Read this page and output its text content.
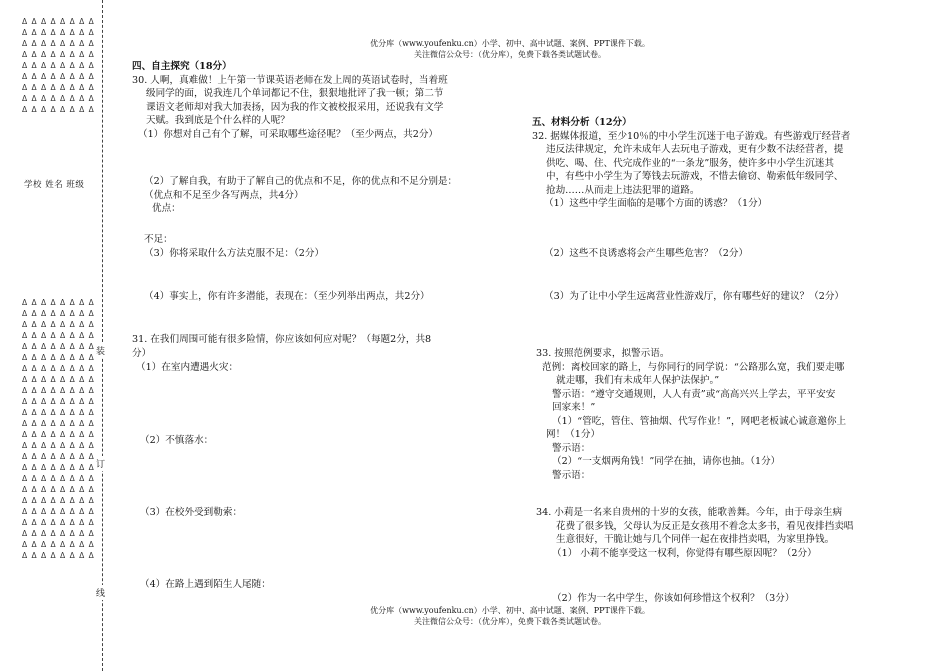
Δ Δ Δ Δ Δ Δ Δ Δ
Δ Δ Δ Δ Δ Δ Δ Δ
Δ Δ Δ Δ Δ Δ Δ Δ
Δ Δ Δ Δ Δ Δ Δ Δ
Δ Δ Δ Δ Δ Δ Δ Δ
Δ Δ Δ Δ Δ Δ Δ Δ
Δ Δ Δ Δ Δ Δ Δ Δ
Δ Δ Δ Δ Δ Δ Δ Δ
Δ Δ Δ Δ Δ Δ Δ Δ
学校 姓名 班级
Δ Δ Δ Δ Δ Δ Δ Δ
Δ Δ Δ Δ Δ Δ Δ Δ
Δ Δ Δ Δ Δ Δ Δ Δ
Δ Δ Δ Δ Δ Δ Δ Δ
Δ Δ Δ Δ Δ Δ Δ Δ
Δ Δ Δ Δ Δ Δ Δ Δ
Δ Δ Δ Δ Δ Δ Δ Δ
Δ Δ Δ Δ Δ Δ Δ Δ
Δ Δ Δ Δ Δ Δ Δ Δ
Δ Δ Δ Δ Δ Δ Δ Δ
Δ Δ Δ Δ Δ Δ Δ Δ
Δ Δ Δ Δ Δ Δ Δ Δ
Δ Δ Δ Δ Δ Δ Δ Δ
Δ Δ Δ Δ Δ Δ Δ Δ
Δ Δ Δ Δ Δ Δ Δ Δ
Δ Δ Δ Δ Δ Δ Δ Δ
Δ Δ Δ Δ Δ Δ Δ Δ
Δ Δ Δ Δ Δ Δ Δ Δ
Δ Δ Δ Δ Δ Δ Δ Δ
Δ Δ Δ Δ Δ Δ Δ Δ
Δ Δ Δ Δ Δ Δ Δ Δ
Δ Δ Δ Δ Δ Δ Δ Δ
Δ Δ Δ Δ Δ Δ Δ Δ
Δ Δ Δ Δ Δ Δ Δ Δ
装
订
线
优分库（www.youfenku.cn）小学、初中、高中试题、案例、PPT课件下载。
关注微信公众号：（优分库），免费下载各类试题试卷。
四、自主探究（18分）
30. 人啊，真难做！上午第一节课英语老师在发上周的英语试卷时，当着班
级同学的面，说我连几个单词都记不住，狠狠地批评了我一顿；第二节
课语文老师却对我大加表扬，因为我的作文被校报采用，还说我有文学
天赋。我到底是个什么样的人呢？
（1）你想对自己有个了解，可采取哪些途径呢？（至少两点，共2分）
（2）了解自我，有助于了解自己的优点和不足，你的优点和不足分别是：
（优点和不足至少各写两点，共4分）
优点：
不足：
（3）你将采取什么方法克服不足：（2分）
（4）事实上，你有许多潜能，表现在：（至少列举出两点，共2分）
31. 在我们周围可能有很多险情，你应该如何应对呢？（每题2分，共8
分）
（1）在室内遭遇火灾：
（2）不慎落水：
（3）在校外受到勒索：
（4）在路上遇到陌生人尾随：
五、材料分析（12分）
32. 据媒体报道，至少10％的中小学生沉迷于电子游戏。有些游戏厅经营者
违反法律规定，允许未成年人去玩电子游戏，更有少数不法经营者，提
供吃、喝、住、代完成作业的“一条龙”服务，使许多中小学生沉迷其
中，有些中小学生为了筹钱去玩游戏，不惜去偷窃、勒索低年级同学、
抢劫……从而走上违法犯罪的道路。
（1）这些中学生面临的是哪个方面的诱惑？（1分）
（2）这些不良诱惑将会产生哪些危害？（2分）
（3）为了让中小学生远离营业性游戏厅，你有哪些好的建议？（2分）
33. 按照范例要求，拟警示语。
范例：离校回家的路上，与你同行的同学说：“公路那么宽，我们要走哪
就走哪，我们有未成年人保护法保护。”
警示语：“遵守交通规则，人人有责”或“高高兴兴上学去，平平安安
回家来！”
（1）“管吃，管住、管抽烟、代写作业！”，网吧老板诚心诚意邀你上
网！（1分）
警示语：
（2）“一支烟两角钱！”同学在抽，请你也抽。（1分）
警示语：
34. 小莉是一名来自贵州的十岁的女孩，能歌善舞。今年，由于母亲生病
花费了很多钱，父母认为反正是女孩用不着念太多书，看见夜排挡卖唱
生意很好，干脆让她与几个同伴一起在夜排挡卖唱，为家里挣钱。
（1） 小莉不能享受这一权利，你觉得有哪些原因呢？（2分）
（2）作为一名中学生，你该如何珍惜这个权利？（3分）
优分库（www.youfenku.cn）小学、初中、高中试题、案例、PPT课件下载。
关注微信公众号：（优分库），免费下载各类试题试卷。
